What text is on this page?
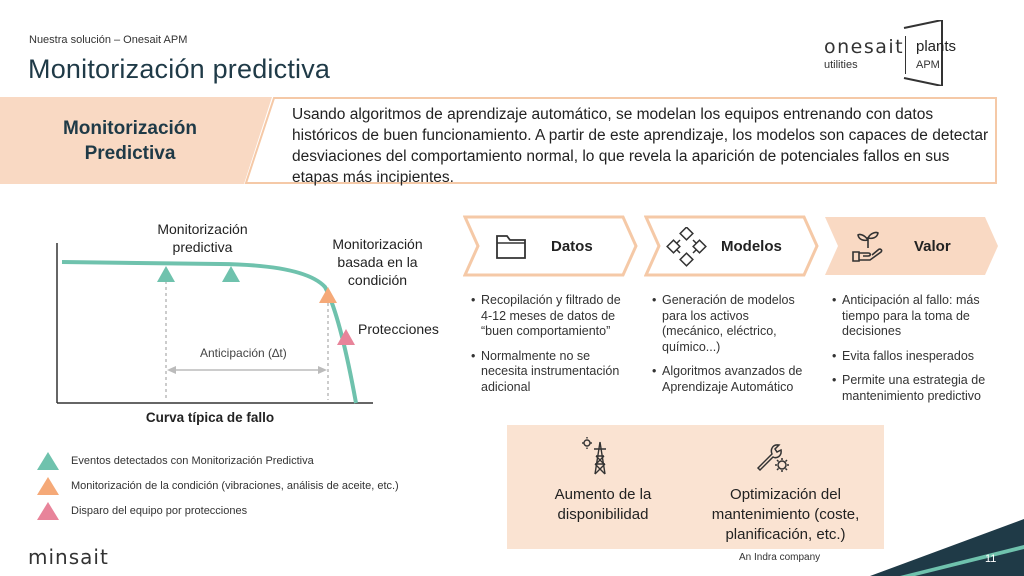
Nuestra solución – Onesait APM
Monitorización predictiva
onesait
utilities
plants
APM
Monitorización
Predictiva
Usando algoritmos de aprendizaje automático, se modelan los equipos entrenando con datos históricos de buen funcionamiento. A partir de este aprendizaje, los modelos son capaces de detectar desviaciones del comportamiento normal, lo que revela la aparición de potenciales fallos en sus etapas más incipientes.
Monitorización
predictiva	Monitorización
basada en la
condición
Protecciones
Anticipación (∆t)
Curva típica de fallo
Eventos detectados con Monitorización Predictiva
Monitorización de la condición (vibraciones, análisis de aceite, etc.)
Disparo del equipo por protecciones
Datos
• Recopilación y filtrado de 4-12 meses de datos de “buen comportamiento”
• Normalmente no se necesita instrumentación adicional
Modelos
• Generación de modelos para los activos (mecánico, eléctrico, químico...)
• Algoritmos avanzados de Aprendizaje Automático
Valor
• Anticipación al fallo: más tiempo para la toma de decisiones
• Evita fallos inesperados
• Permite una estrategia de mantenimiento predictivo
Aumento de la
disponibilidad
Optimización del
mantenimiento (coste,
planificación, etc.)
minsait	An Indra company	11
